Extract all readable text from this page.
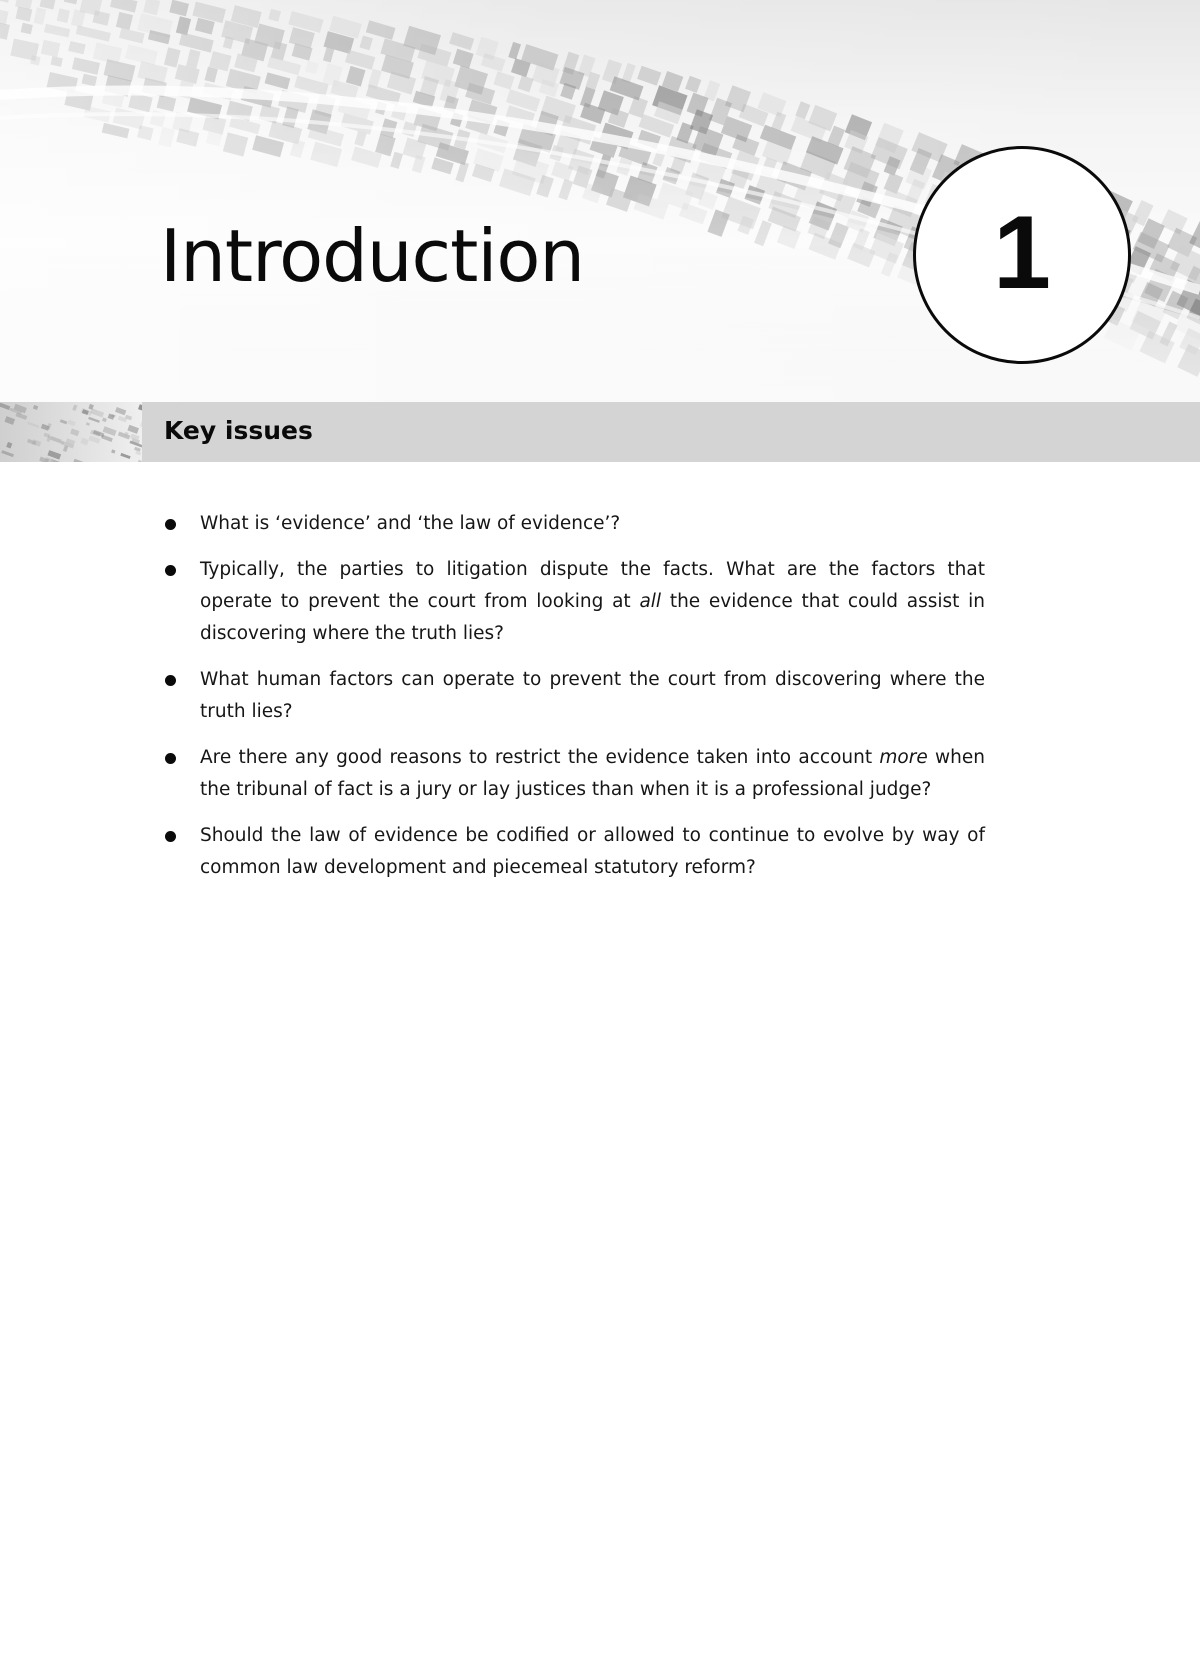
Introduction	1
Key issues
What is ‘evidence’ and ‘the law of evidence’?
Typically, the parties to litigation dispute the facts. What are the factors that operate to prevent the court from looking at all the evidence that could assist in discovering where the truth lies?
What human factors can operate to prevent the court from discovering where the truth lies?
Are there any good reasons to restrict the evidence taken into account more when the tribunal of fact is a jury or lay justices than when it is a professional judge?
Should the law of evidence be codified or allowed to continue to evolve by way of common law development and piecemeal statutory reform?
